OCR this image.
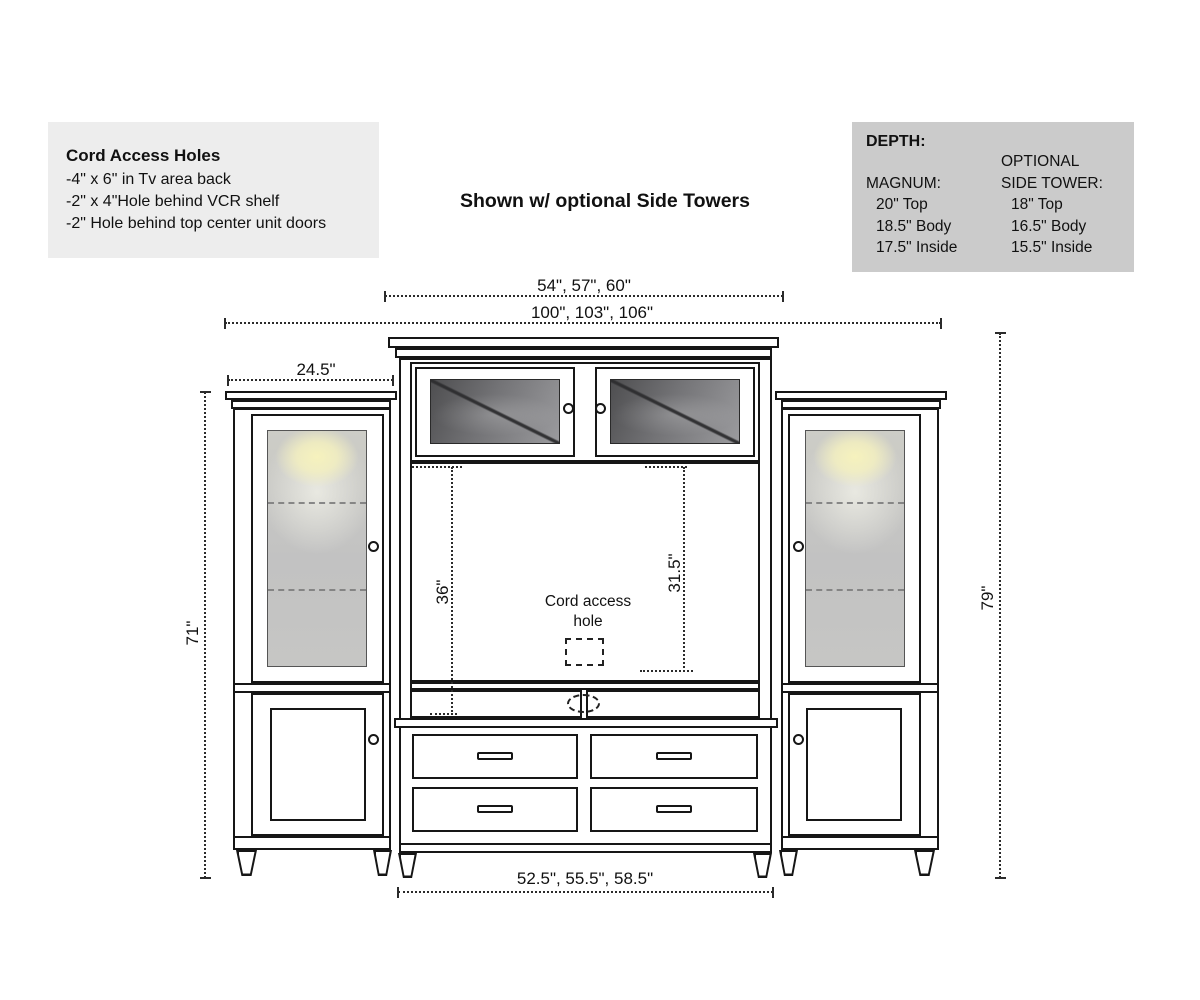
Cord Access Holes
-4" x 6" in Tv area back
-2" x 4"Hole behind VCR shelf
-2" Hole behind top center unit doors
Shown w/ optional Side Towers
DEPTH:
MAGNUM:
20" Top
18.5" Body
17.5" Inside
OPTIONAL
SIDE TOWER:
18" Top
16.5" Body
15.5" Inside
Cord access hole
54", 57", 60"
100", 103", 106"
24.5"
71"
79"
52.5", 55.5", 58.5"
36"	31.5"
